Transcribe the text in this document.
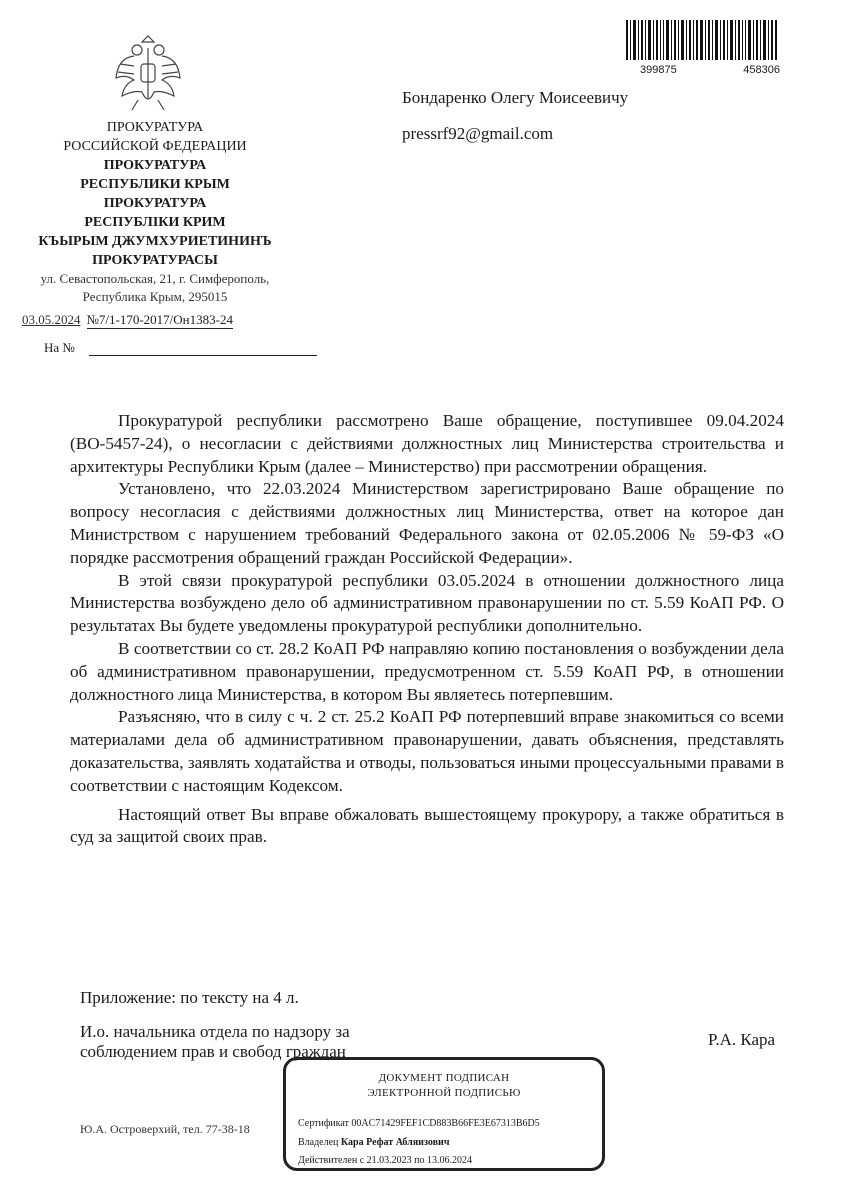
399875	458306
ПРОКУРАТУРА
РОССИЙСКОЙ ФЕДЕРАЦИИ
ПРОКУРАТУРА
РЕСПУБЛИКИ КРЫМ
ПРОКУРАТУРА
РЕСПУБЛІКИ КРИМ
КЪЫРЫМ ДЖУМХУРИЕТИНИНЪ
ПРОКУРАТУРАСЫ
ул. Севастопольская, 21, г. Симферополь,
Республика Крым, 295015
03.05.2024 №7/1-170-2017/Он1383-24
На №
Бондаренко Олегу Моисеевичу
pressrf92@gmail.com

Прокуратурой республики рассмотрено Ваше обращение, поступившее 09.04.2024 (ВО-5457-24), о несогласии с действиями должностных лиц Министерства строительства и архитектуры Республики Крым (далее – Министерство) при рассмотрении обращения.

Установлено, что 22.03.2024 Министерством зарегистрировано Ваше обращение по вопросу несогласия с действиями должностных лиц Министерства, ответ на которое дан Министрством с нарушением требований Федерального закона от 02.05.2006 № 59-ФЗ «О порядке рассмотрения обращений граждан Российской Федерации».

В этой связи прокуратурой республики 03.05.2024 в отношении должностного лица Министерства возбуждено дело об административном правонарушении по ст. 5.59 КоАП РФ. О результатах Вы будете уведомлены прокуратурой республики дополнительно.

В соответствии со ст. 28.2 КоАП РФ направляю копию постановления о возбуждении дела об административном правонарушении, предусмотренном ст. 5.59 КоАП РФ, в отношении должностного лица Министерства, в котором Вы являетесь потерпевшим.

Разъясняю, что в силу с ч. 2 ст. 25.2 КоАП РФ потерпевший вправе знакомиться со всеми материалами дела об административном правонарушении, давать объяснения, представлять доказательства, заявлять ходатайства и отводы, пользоваться иными процессуальными правами в соответствии с настоящим Кодексом.

Настоящий ответ Вы вправе обжаловать вышестоящему прокурору, а также обратиться в суд за защитой своих прав.

Приложение: по тексту на 4 л.
И.о. начальника отдела по надзору за
соблюдением прав и свобод граждан
Р.А. Кара
ДОКУМЕНТ ПОДПИСАН
ЭЛЕКТРОННОЙ ПОДПИСЬЮ
Сертификат 00AC71429FEF1CD883B66FE3E67313B6D5
Владелец Кара Рефат Абляизович
Действителен с 21.03.2023 по 13.06.2024
Ю.А. Островерхий, тел. 77-38-18
